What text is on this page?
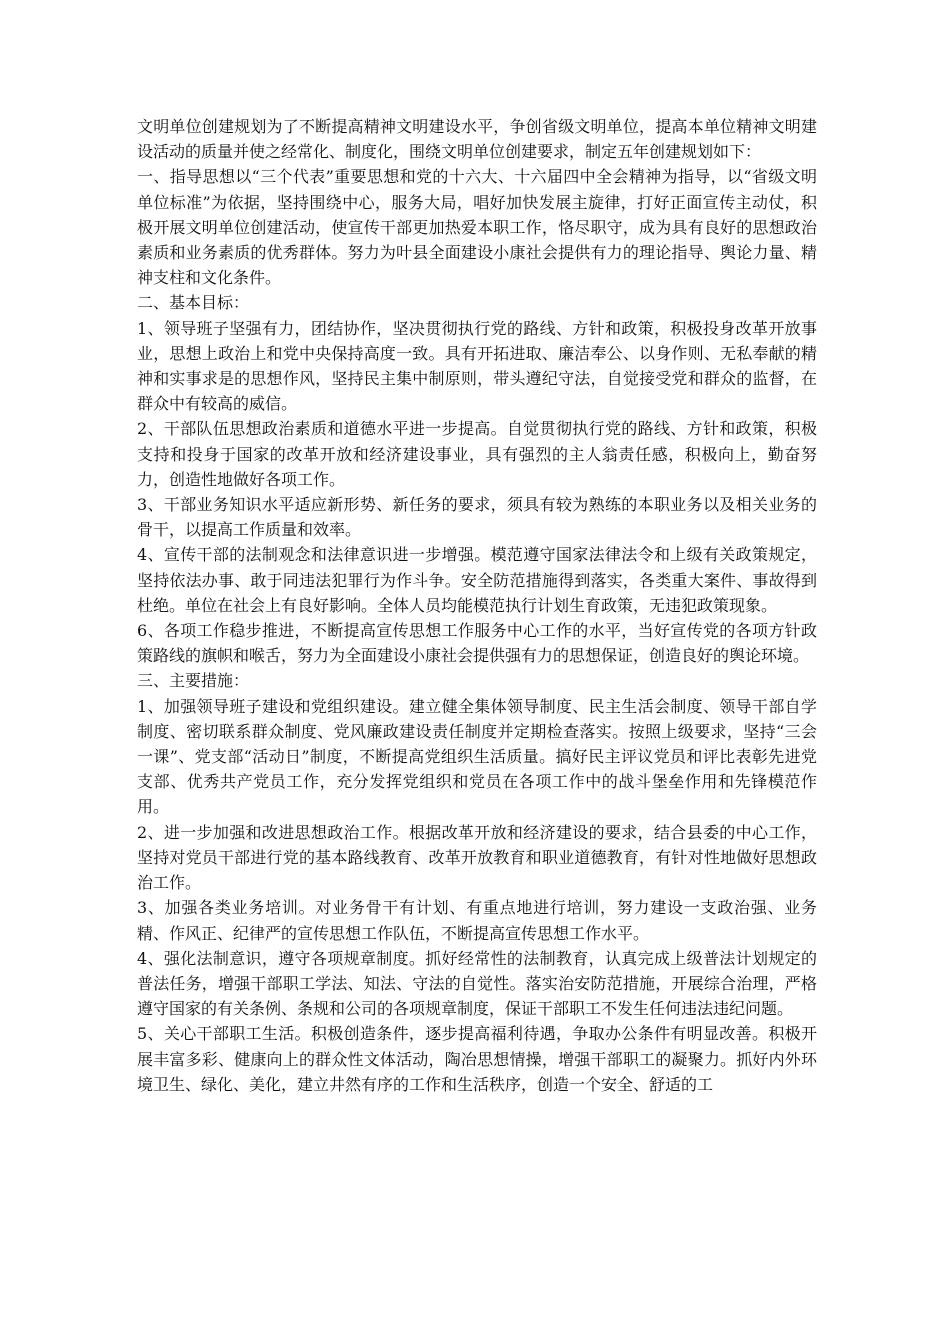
文明单位创建规划为了不断提高精神文明建设水平，争创省级文明单位，提高本单位精神文明建设活动的质量并使之经常化、制度化，围绕文明单位创建要求，制定五年创建规划如下：

一、指导思想以“三个代表”重要思想和党的十六大、十六届四中全会精神为指导，以“省级文明单位标准”为依据，坚持围绕中心，服务大局，唱好加快发展主旋律，打好正面宣传主动仗，积极开展文明单位创建活动，使宣传干部更加热爱本职工作，恪尽职守，成为具有良好的思想政治素质和业务素质的优秀群体。努力为叶县全面建设小康社会提供有力的理论指导、舆论力量、精神支柱和文化条件。

二、基本目标：

1、领导班子坚强有力，团结协作，坚决贯彻执行党的路线、方针和政策，积极投身改革开放事业，思想上政治上和党中央保持高度一致。具有开拓进取、廉洁奉公、以身作则、无私奉献的精神和实事求是的思想作风，坚持民主集中制原则，带头遵纪守法，自觉接受党和群众的监督，在群众中有较高的威信。

2、干部队伍思想政治素质和道德水平进一步提高。自觉贯彻执行党的路线、方针和政策，积极支持和投身于国家的改革开放和经济建设事业，具有强烈的主人翁责任感，积极向上，勤奋努力，创造性地做好各项工作。

3、干部业务知识水平适应新形势、新任务的要求，须具有较为熟练的本职业务以及相关业务的骨干，以提高工作质量和效率。

4、宣传干部的法制观念和法律意识进一步增强。模范遵守国家法律法令和上级有关政策规定，坚持依法办事、敢于同违法犯罪行为作斗争。安全防范措施得到落实，各类重大案件、事故得到杜绝。单位在社会上有良好影响。全体人员均能模范执行计划生育政策，无违犯政策现象。

6、各项工作稳步推进，不断提高宣传思想工作服务中心工作的水平，当好宣传党的各项方针政策路线的旗帜和喉舌，努力为全面建设小康社会提供强有力的思想保证，创造良好的舆论环境。

三、主要措施：

1、加强领导班子建设和党组织建设。建立健全集体领导制度、民主生活会制度、领导干部自学制度、密切联系群众制度、党风廉政建设责任制度并定期检查落实。按照上级要求，坚持“三会一课”、党支部“活动日”制度，不断提高党组织生活质量。搞好民主评议党员和评比表彰先进党支部、优秀共产党员工作，充分发挥党组织和党员在各项工作中的战斗堡垒作用和先锋模范作用。

2、进一步加强和改进思想政治工作。根据改革开放和经济建设的要求，结合县委的中心工作，坚持对党员干部进行党的基本路线教育、改革开放教育和职业道德教育，有针对性地做好思想政治工作。

3、加强各类业务培训。对业务骨干有计划、有重点地进行培训，努力建设一支政治强、业务精、作风正、纪律严的宣传思想工作队伍，不断提高宣传思想工作水平。

4、强化法制意识，遵守各项规章制度。抓好经常性的法制教育，认真完成上级普法计划规定的普法任务，增强干部职工学法、知法、守法的自觉性。落实治安防范措施，开展综合治理，严格遵守国家的有关条例、条规和公司的各项规章制度，保证干部职工不发生任何违法违纪问题。

5、关心干部职工生活。积极创造条件，逐步提高福利待遇，争取办公条件有明显改善。积极开展丰富多彩、健康向上的群众性文体活动，陶冶思想情操，增强干部职工的凝聚力。抓好内外环境卫生、绿化、美化，建立井然有序的工作和生活秩序，创造一个安全、舒适的工
